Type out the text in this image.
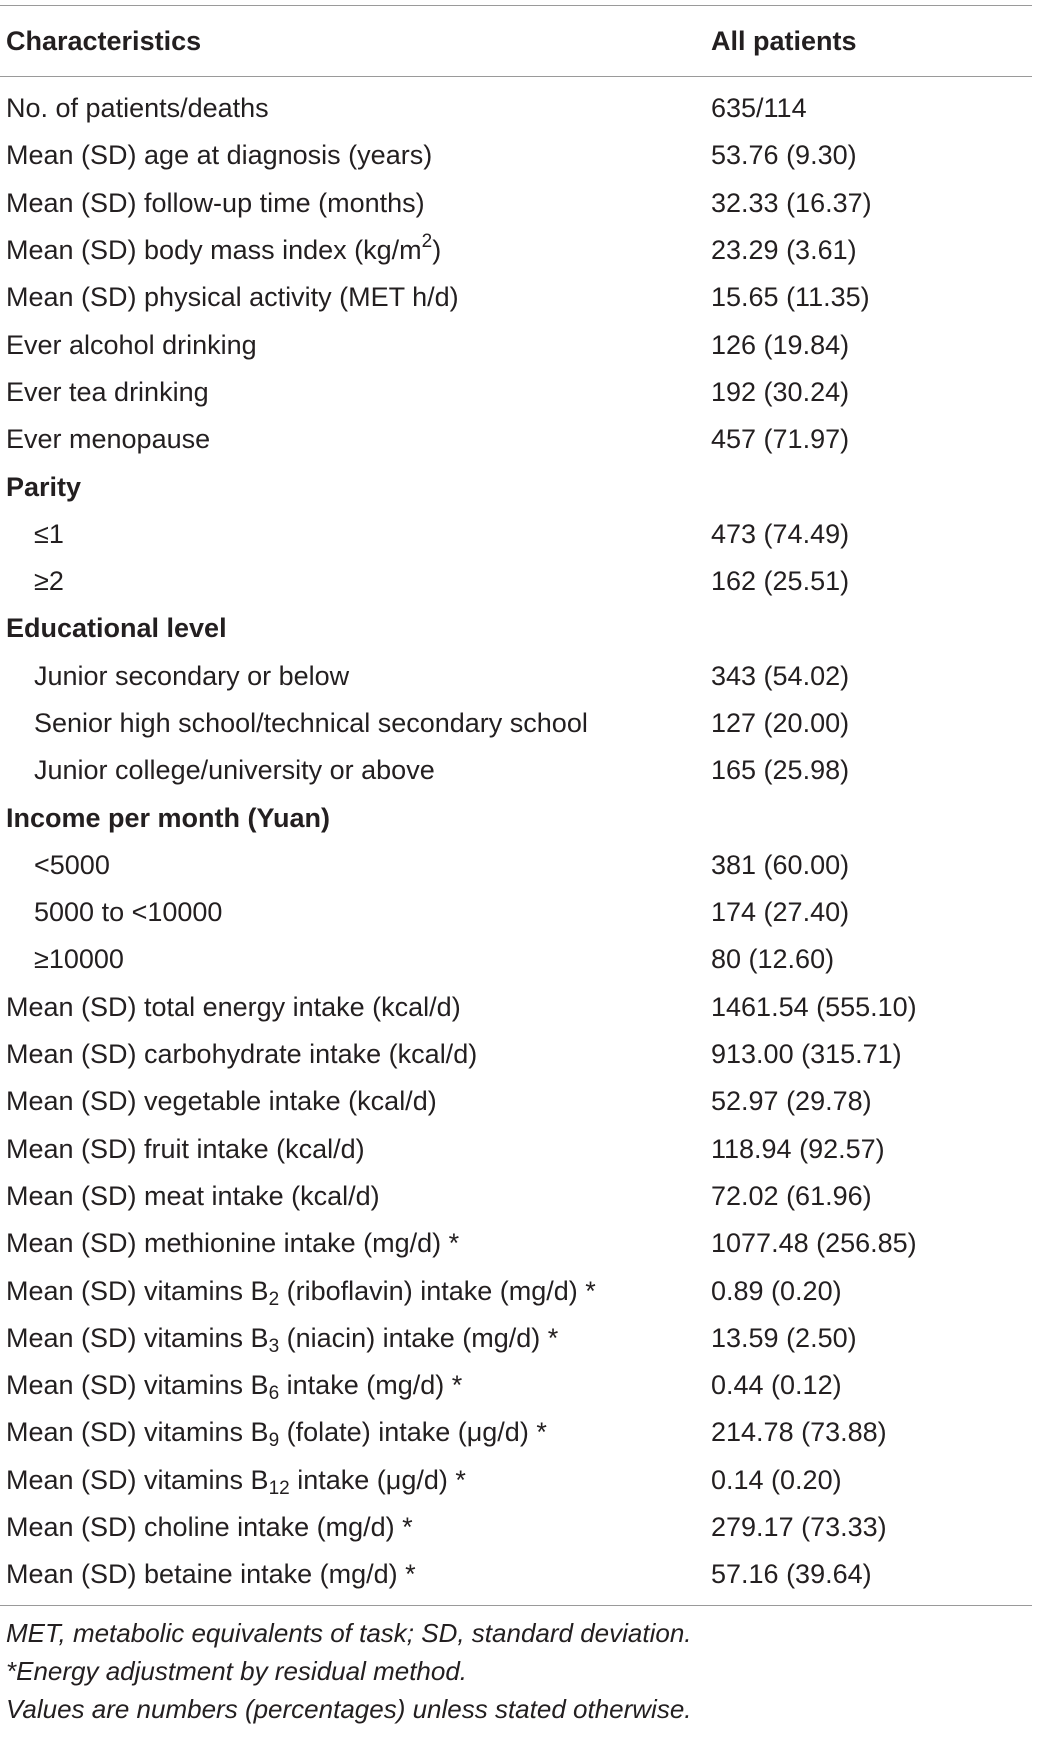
Characteristics	All patients
No. of patients/deaths	635/114
Mean (SD) age at diagnosis (years)	53.76 (9.30)
Mean (SD) follow-up time (months)	32.33 (16.37)
Mean (SD) body mass index $(kg/m^2)$	23.29 (3.61)
Mean (SD) physical activity (MET h/d)	15.65 (11.35)
Ever alcohol drinking	126 (19.84)
Ever tea drinking	192 (30.24)
Ever menopause	457 (71.97)
Parity
≤1	473 (74.49)
≥2	162 (25.51)
Educational level
Junior secondary or below	343 (54.02)
Senior high school/technical secondary school	127 (20.00)
Junior college/university or above	165 (25.98)
Income per month (Yuan)
<5000	381 (60.00)
5000 to <10000	174 (27.40)
≥10000	80 (12.60)
Mean (SD) total energy intake (kcal/d)	1461.54 (555.10)
Mean (SD) carbohydrate intake (kcal/d)	913.00 (315.71)
Mean (SD) vegetable intake (kcal/d)	52.97 (29.78)
Mean (SD) fruit intake (kcal/d)	118.94 (92.57)
Mean (SD) meat intake (kcal/d)	72.02 (61.96)
Mean (SD) methionine intake (mg/d) *	1077.48 (256.85)
Mean (SD) vitamins $B_2$ (riboflavin) intake (mg/d) *	0.89 (0.20)
Mean (SD) vitamins $B_3$ (niacin) intake (mg/d) *	13.59 (2.50)
Mean (SD) vitamins $B_6$ intake (mg/d) *	0.44 (0.12)
Mean (SD) vitamins $B_9$ (folate) intake (μg/d) *	214.78 (73.88)
Mean (SD) vitamins $B_{12}$ intake (μg/d) *	0.14 (0.20)
Mean (SD) choline intake (mg/d) *	279.17 (73.33)
Mean (SD) betaine intake (mg/d) *	57.16 (39.64)
MET, metabolic equivalents of task; SD, standard deviation.
*Energy adjustment by residual method.
Values are numbers (percentages) unless stated otherwise.
